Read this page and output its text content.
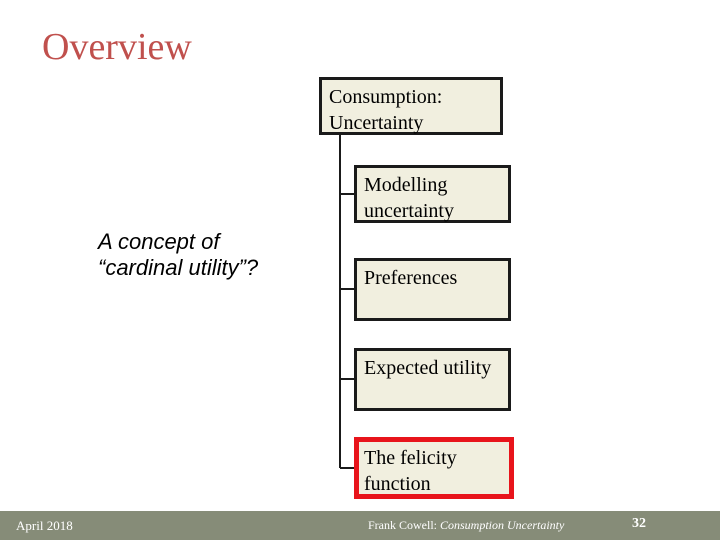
Overview
A concept of
“cardinal utility”?
Consumption:
Uncertainty
Modelling
uncertainty
Preferences
Expected utility
The felicity
function
April 2018	Frank Cowell: Consumption Uncertainty	32
